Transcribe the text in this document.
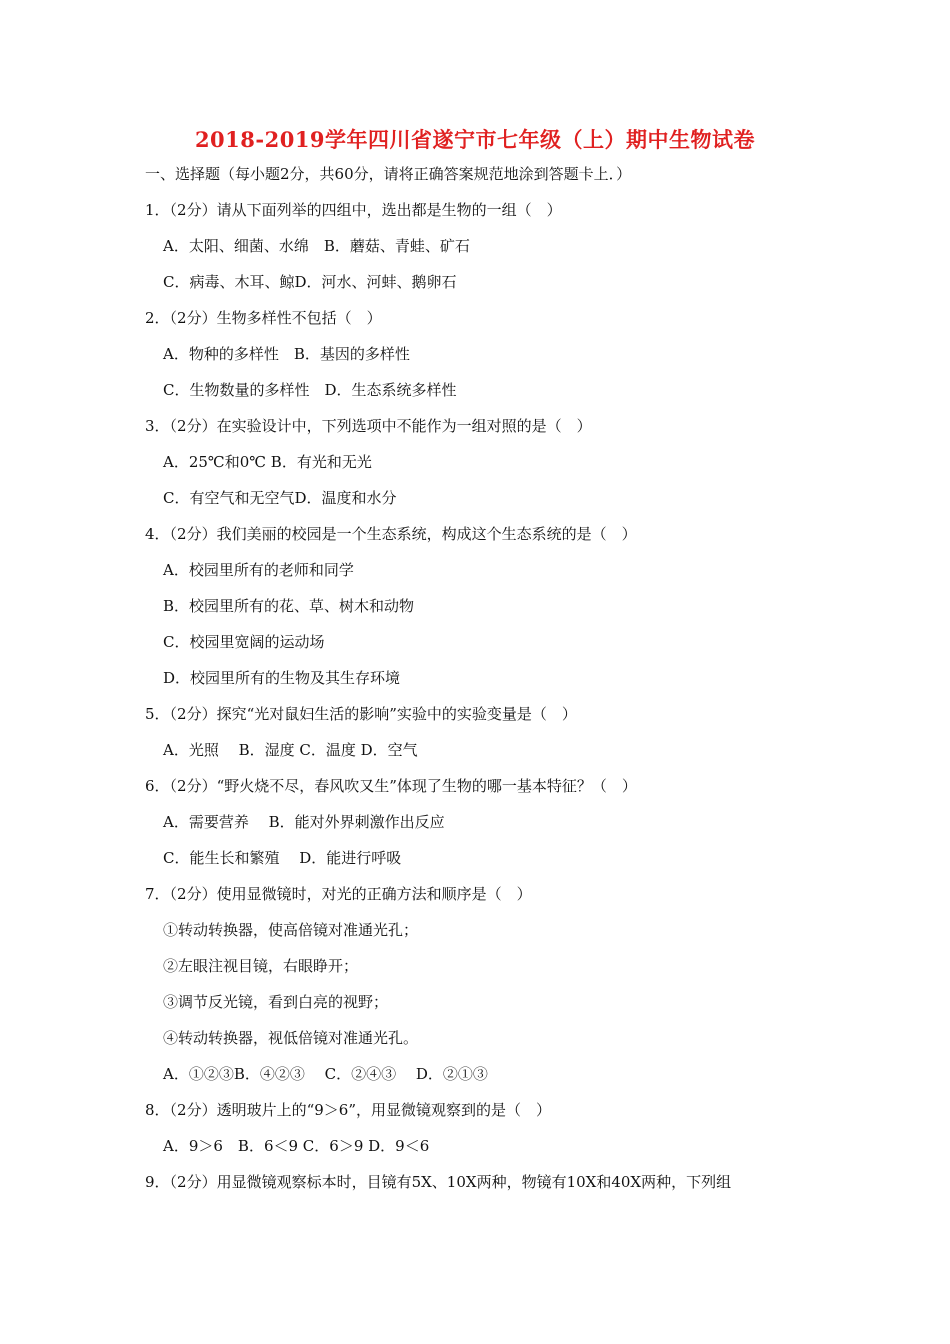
2018-2019学年四川省遂宁市七年级（上）期中生物试卷
一、选择题（每小题2分，共60分，请将正确答案规范地涂到答题卡上．）
1．（2分）请从下面列举的四组中，选出都是生物的一组（　）
A．太阳、细菌、水绵　B．蘑菇、青蛙、矿石
C．病毒、木耳、鲸D．河水、河蚌、鹅卵石
2．（2分）生物多样性不包括（　）
A．物种的多样性　B．基因的多样性
C．生物数量的多样性　D．生态系统多样性
3．（2分）在实验设计中，下列选项中不能作为一组对照的是（　）
A．25℃和0℃ B．有光和无光
C．有空气和无空气D．温度和水分
4．（2分）我们美丽的校园是一个生态系统，构成这个生态系统的是（　）
A．校园里所有的老师和同学
B．校园里所有的花、草、树木和动物
C．校园里宽阔的运动场
D．校园里所有的生物及其生存环境
5．（2分）探究“光对鼠妇生活的影响”实验中的实验变量是（　）
A．光照　 B．湿度 C．温度 D．空气
6．（2分）“野火烧不尽，春风吹又生”体现了生物的哪一基本特征？（　）
A．需要营养　 B．能对外界刺激作出反应
C．能生长和繁殖　 D．能进行呼吸
7．（2分）使用显微镜时，对光的正确方法和顺序是（　）
①转动转换器，使高倍镜对准通光孔；
②左眼注视目镜，右眼睁开；
③调节反光镜，看到白亮的视野；
④转动转换器，视低倍镜对准通光孔。
A．①②③B．④②③　 C．②④③　 D．②①③
8．（2分）透明玻片上的“9＞6”，用显微镜观察到的是（　）
A．9＞6　B．6＜9 C．6＞9 D．9＜6
9．（2分）用显微镜观察标本时，目镜有5X、10X两种，物镜有10X和40X两种，下列组
